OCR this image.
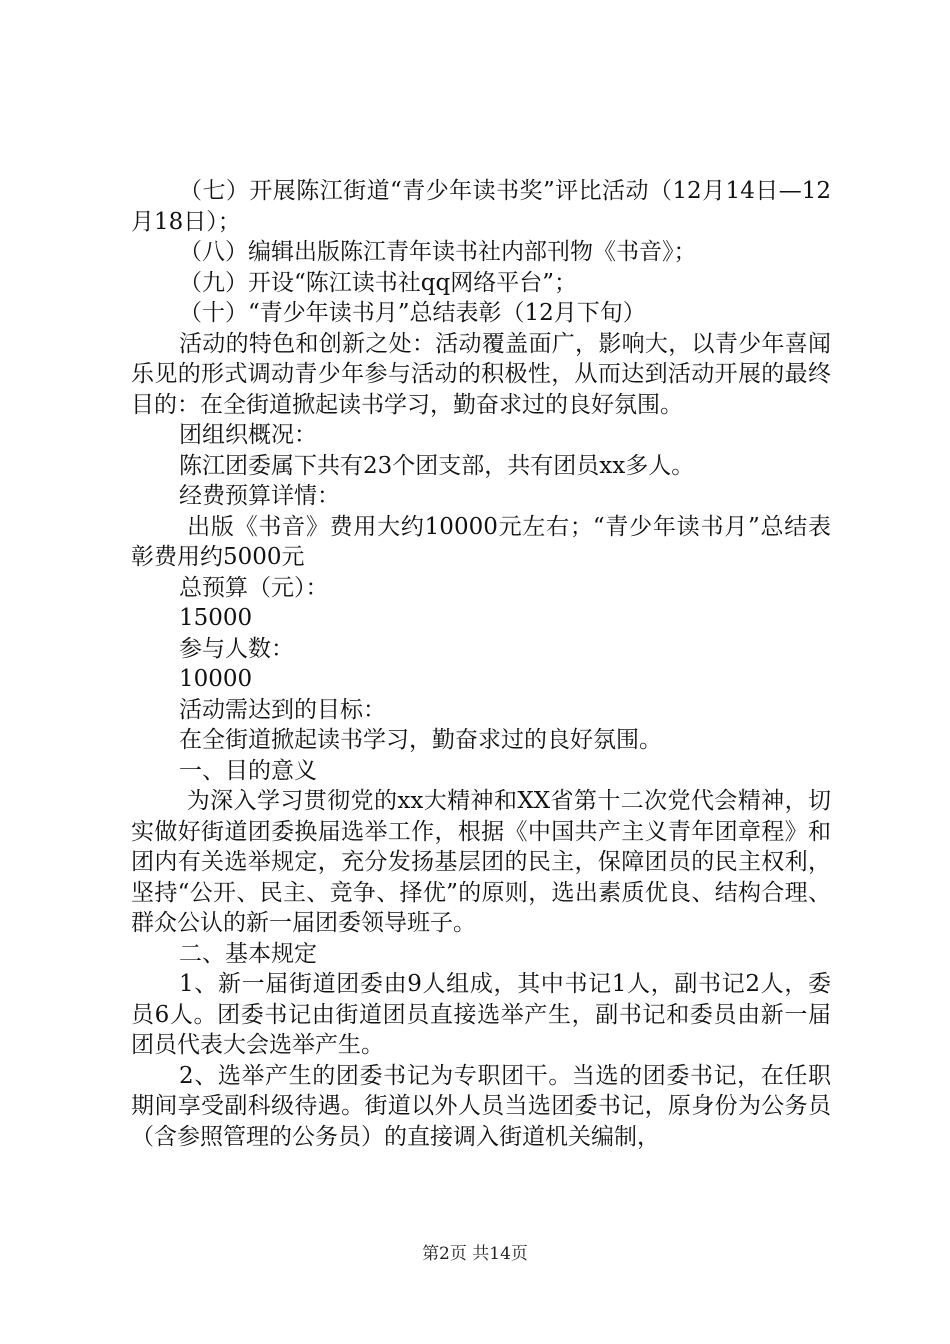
（七）开展陈江街道“青少年读书奖”评比活动（12月14日—12月18日）；

（八）编辑出版陈江青年读书社内部刊物《书音》；

（九）开设“陈江读书社qq网络平台”；

（十）“青少年读书月”总结表彰（12月下旬）

活动的特色和创新之处：活动覆盖面广，影响大，以青少年喜闻乐见的形式调动青少年参与活动的积极性，从而达到活动开展的最终目的：在全街道掀起读书学习，勤奋求过的良好氛围。

团组织概况：

陈江团委属下共有23个团支部，共有团员xx多人。

经费预算详情：

出版《书音》费用大约10000元左右；“青少年读书月”总结表彰费用约5000元

总预算（元）：

15000

参与人数：

10000

活动需达到的目标：

在全街道掀起读书学习，勤奋求过的良好氛围。

一、目的意义

为深入学习贯彻党的xx大精神和XX省第十二次党代会精神，切实做好街道团委换届选举工作，根据《中国共产主义青年团章程》和团内有关选举规定，充分发扬基层团的民主，保障团员的民主权利，坚持“公开、民主、竞争、择优”的原则，选出素质优良、结构合理、群众公认的新一届团委领导班子。

二、基本规定

1、新一届街道团委由9人组成，其中书记1人，副书记2人，委员6人。团委书记由街道团员直接选举产生，副书记和委员由新一届团员代表大会选举产生。

2、选举产生的团委书记为专职团干。当选的团委书记，在任职期间享受副科级待遇。街道以外人员当选团委书记，原身份为公务员（含参照管理的公务员）的直接调入街道机关编制，

第2页 共14页
